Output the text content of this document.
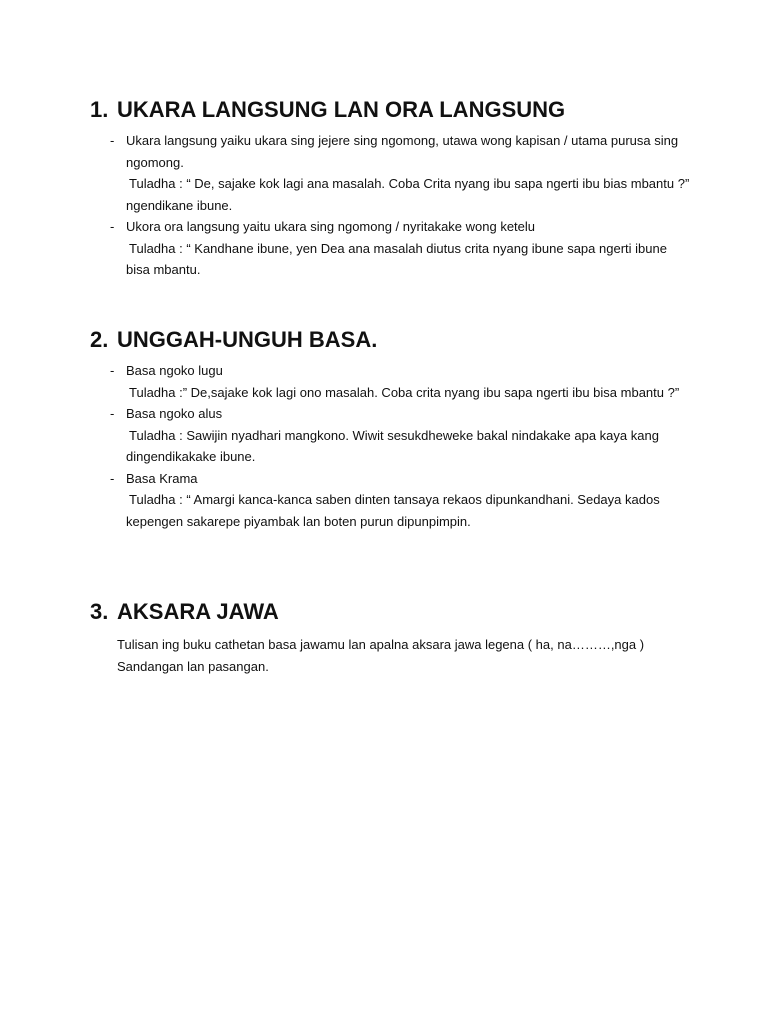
1. UKARA LANGSUNG LAN ORA LANGSUNG
- Ukara langsung yaiku ukara sing jejere sing ngomong, utawa wong kapisan / utama purusa sing ngomong.
Tuladha : “ De, sajake kok lagi ana masalah. Coba Crita nyang ibu sapa ngerti ibu bias mbantu ?” ngendikane ibune.
- Ukora ora langsung yaitu ukara sing ngomong / nyritakake wong ketelu
Tuladha : “ Kandhane ibune, yen Dea ana masalah diutus crita nyang ibune sapa ngerti ibune bisa mbantu.
2. UNGGAH-UNGUH BASA.
- Basa ngoko lugu
Tuladha :” De,sajake kok lagi ono masalah. Coba crita nyang ibu sapa ngerti ibu bisa mbantu ?”
- Basa ngoko alus
Tuladha : Sawijin nyadhari mangkono. Wiwit sesukdheweke bakal nindakake apa kaya kang dingendikakake ibune.
- Basa Krama
Tuladha : “ Amargi kanca-kanca saben dinten tansaya rekaos dipunkandhani. Sedaya kados kepengen sakarepe piyambak lan boten purun dipunpimpin.
3. AKSARA JAWA
Tulisan ing buku cathetan basa jawamu lan apalna aksara jawa legena ( ha, na………,nga ) Sandangan lan pasangan.
